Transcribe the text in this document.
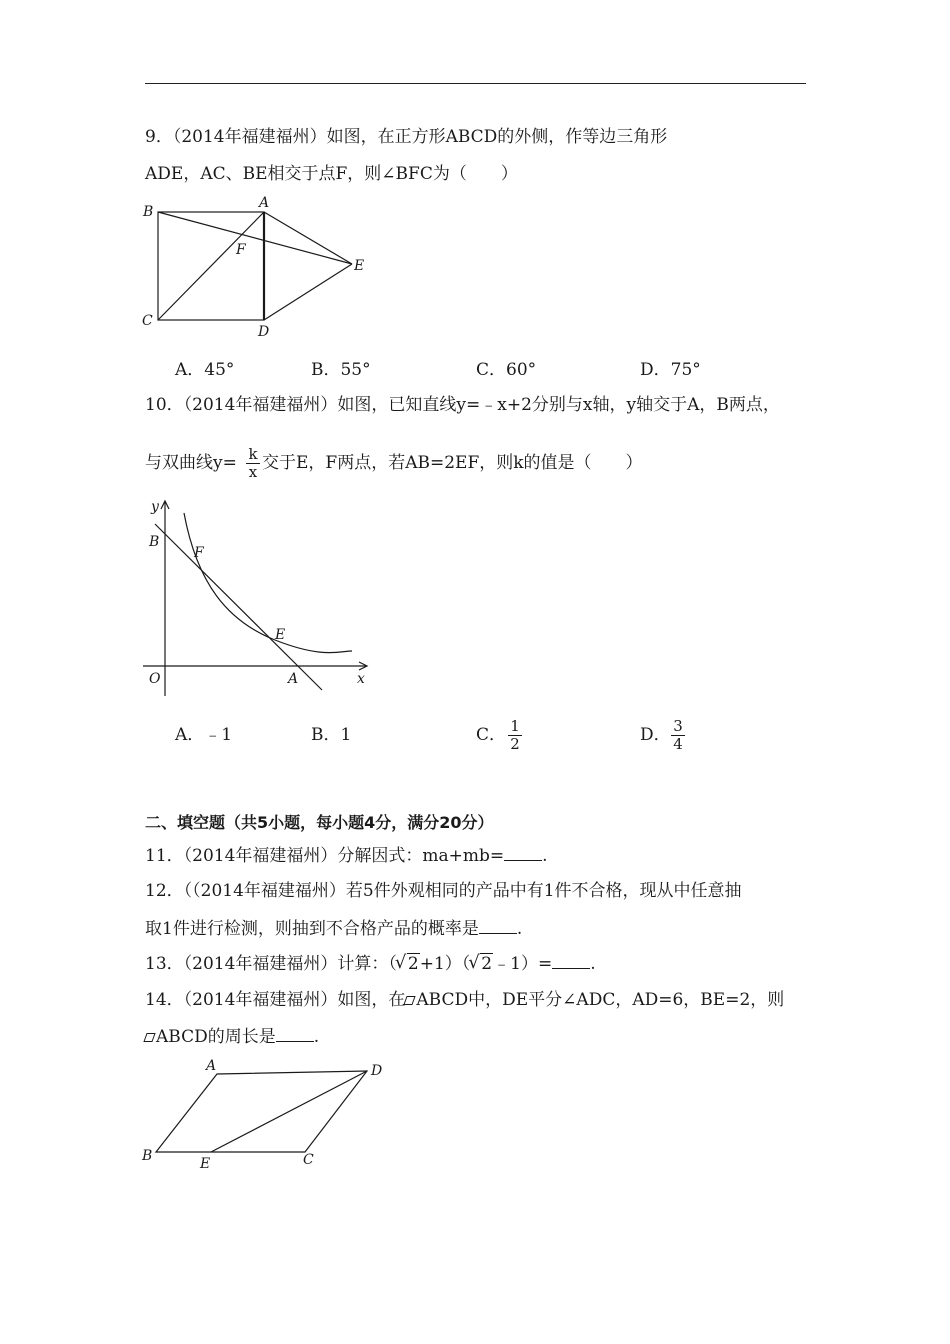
9．（2014年福建福州）如图，在正方形ABCD的外侧，作等边三角形
ADE，AC、BE相交于点F，则∠BFC为（　　）
B
A
F
E
C
D
A．45°	B．55°	C．60°	D．75°
10．（2014年福建福州）如图，已知直线y=﹣x+2分别与x轴，y轴交于A，B两点，
与双曲线$y= \frac{k}{x}$ 交于E，F两点，若AB=2EF，则k的值是（　　）
y
B
F
E
O	A	x
A．﹣1	B．1	C． $\frac{1}{2}$	D． $\frac{3}{4}$
二、填空题（共5小题，每小题4分，满分20分）
11．（2014年福建福州）分解因式：ma+mb= .
12．（（2014年福建福州）若5件外观相同的产品中有1件不合格，现从中任意抽
取1件进行检测，则抽到不合格产品的概率是 .
13．（2014年福建福州）计算：（ √ 2+1）（ √ 2﹣1）= .
14．（2014年福建福州）如图，在 ABCD中，DE平分∠ADC，AD=6，BE=2，则
ABCD的周长是 .
A	D
B	E	C
